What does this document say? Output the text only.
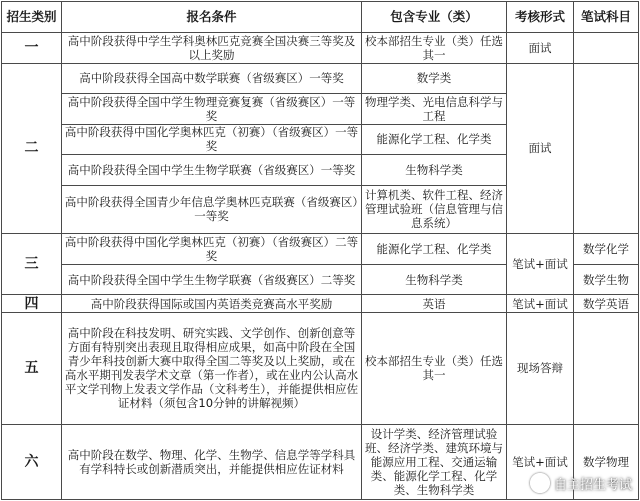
招生类别	报名条件	包含专业（类）	考核形式	笔试科目
一	高中阶段获得中学生学科奥林匹克竞赛全国决赛三等奖及以上奖励	校本部招生专业（类）任选其一	面试	
二	高中阶段获得全国高中数学联赛（省级赛区）一等奖	数学类	面试	
	高中阶段获得全国中学生物理竞赛复赛（省级赛区）一等奖	物理学类、光电信息科学与工程		
	高中阶段获得中国化学奥林匹克（初赛）（省级赛区）一等奖	能源化学工程、化学类		
	高中阶段获得全国中学生生物学联赛（省级赛区）一等奖	生物科学类		
	高中阶段获得全国青少年信息学奥林匹克联赛（省级赛区）一等奖	计算机类、软件工程、经济管理试验班（信息管理与信息系统）		
三	高中阶段获得中国化学奥林匹克（初赛）（省级赛区）二等奖	能源化学工程、化学类	笔试+面试	数学化学
	高中阶段获得全国中学生生物学联赛（省级赛区）二等奖	生物科学类		数学生物
四	高中阶段获得国际或国内英语类竞赛高水平奖励	英语	笔试+面试	数学英语
五	高中阶段在科技发明、研究实践、文学创作、创新创意等方面有特别突出表现且取得相应成果，如高中阶段在全国青少年科技创新大赛中取得全国二等奖及以上奖励，或在高水平期刊发表学术文章（第一作者），或在业内公认高水平文学刊物上发表文学作品（文科考生），并能提供相应佐证材料（须包含10分钟的讲解视频）	校本部招生专业（类）任选其一	现场答辩	
六	高中阶段在数学、物理、化学、生物学、信息学等学科具有学科特长或创新潜质突出，并能提供相应佐证材料	设计学类、经济管理试验班、经济学类、建筑环境与能源应用工程、交通运输类、能源化学工程、化学类、生物科学类	笔试+面试	数学物理
自主招生考试
